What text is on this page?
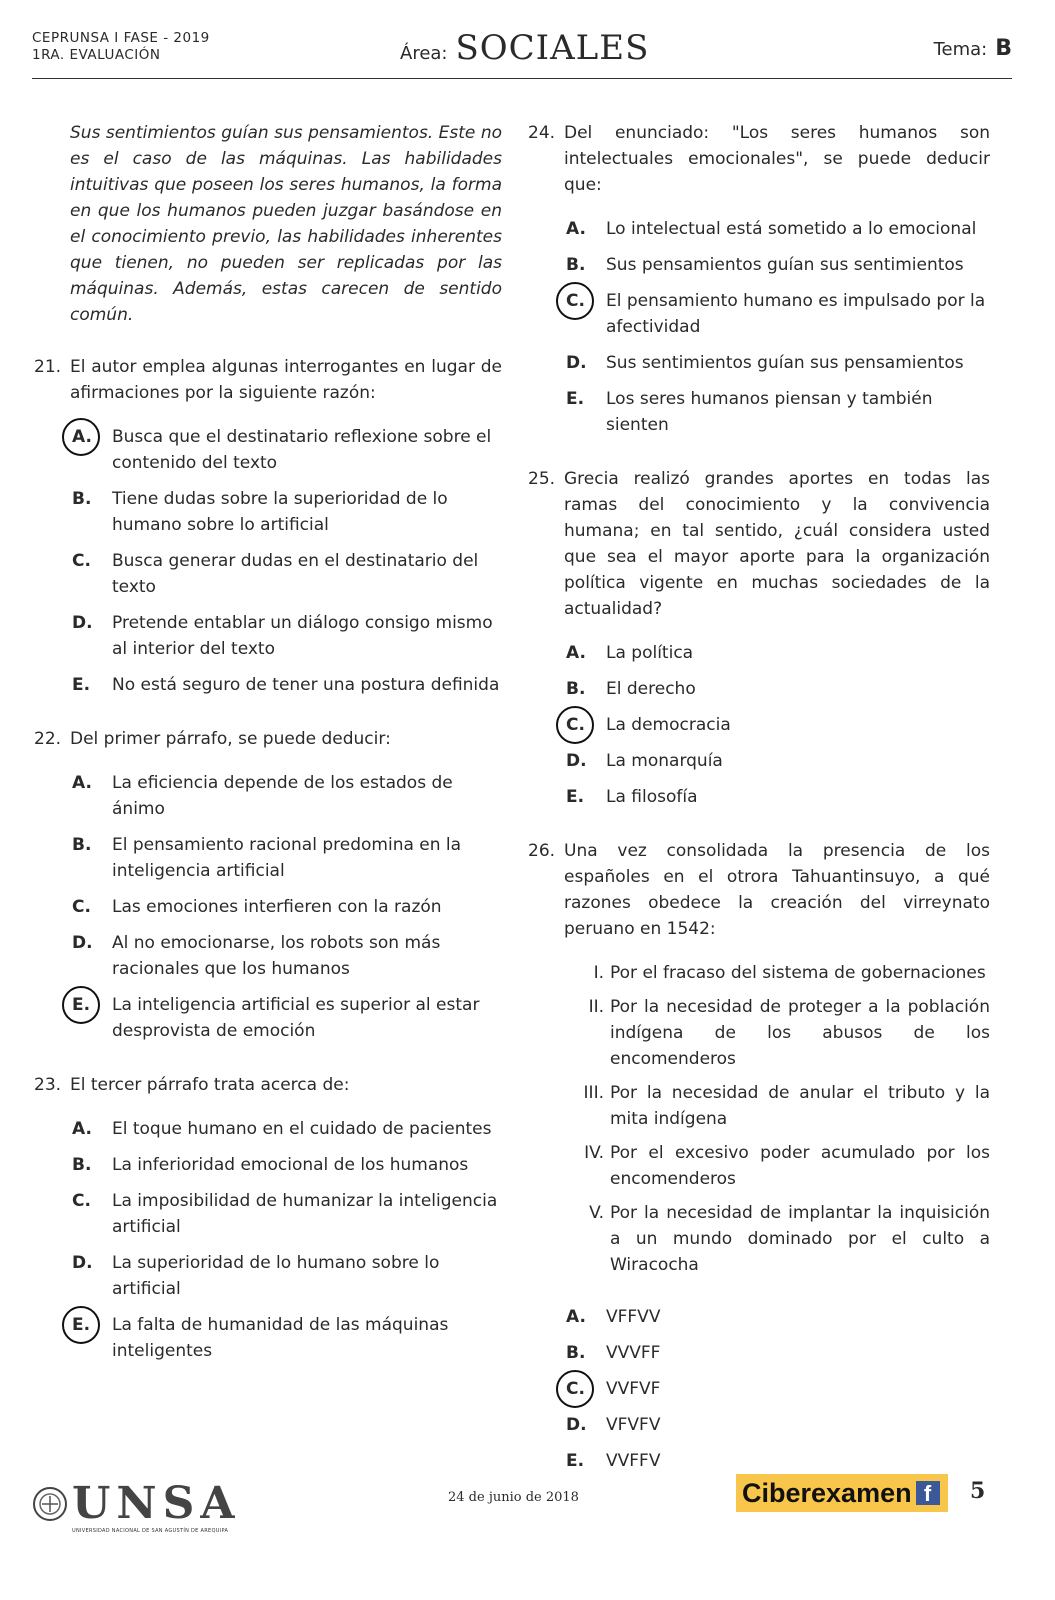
CEPRUNSA I FASE - 2019
1RA. EVALUACIÓN	Área: SOCIALES	Tema: B
Sus sentimientos guían sus pensamientos. Este no es el caso de las máquinas. Las habilidades intuitivas que poseen los seres humanos, la forma en que los humanos pueden juzgar basándose en el conocimiento previo, las habilidades inherentes que tienen, no pueden ser replicadas por las máquinas. Además, estas carecen de sentido común.
21. El autor emplea algunas interrogantes en lugar de afirmaciones por la siguiente razón:
A.	Busca que el destinatario reflexione sobre el contenido del texto
B.	Tiene dudas sobre la superioridad de lo humano sobre lo artificial
C.	Busca generar dudas en el destinatario del texto
D.	Pretende entablar un diálogo consigo mismo al interior del texto
E.	No está seguro de tener una postura definida
22. Del primer párrafo, se puede deducir:
A.	La eficiencia depende de los estados de ánimo
B.	El pensamiento racional predomina en la inteligencia artificial
C.	Las emociones interfieren con la razón
D.	Al no emocionarse, los robots son más racionales que los humanos
E.	La inteligencia artificial es superior al estar desprovista de emoción
23. El tercer párrafo trata acerca de:
A.	El toque humano en el cuidado de pacientes
B.	La inferioridad emocional de los humanos
C.	La imposibilidad de humanizar la inteligencia artificial
D.	La superioridad de lo humano sobre lo artificial
E.	La falta de humanidad de las máquinas inteligentes
24. Del enunciado: "Los seres humanos son intelectuales emocionales", se puede deducir que:
A.	Lo intelectual está sometido a lo emocional
B.	Sus pensamientos guían sus sentimientos
C.	El pensamiento humano es impulsado por la afectividad
D.	Sus sentimientos guían sus pensamientos
E.	Los seres humanos piensan y también sienten
25. Grecia realizó grandes aportes en todas las ramas del conocimiento y la convivencia humana; en tal sentido, ¿cuál considera usted que sea el mayor aporte para la organización política vigente en muchas sociedades de la actualidad?
A.	La política
B.	El derecho
C.	La democracia
D.	La monarquía
E.	La filosofía
26. Una vez consolidada la presencia de los españoles en el otrora Tahuantinsuyo, a qué razones obedece la creación del virreynato peruano en 1542:
I. Por el fracaso del sistema de gobernaciones
II. Por la necesidad de proteger a la población indígena de los abusos de los encomenderos
III. Por la necesidad de anular el tributo y la mita indígena
IV. Por el excesivo poder acumulado por los encomenderos
V. Por la necesidad de implantar la inquisición a un mundo dominado por el culto a Wiracocha
A.	VFFVV
B.	VVVFF
C.	VVFVF
D.	VFVFV
E.	VVFFV
UNSA
UNIVERSIDAD NACIONAL DE SAN AGUSTÍN DE AREQUIPA
24 de junio de 2018	Ciberexamen f	5
